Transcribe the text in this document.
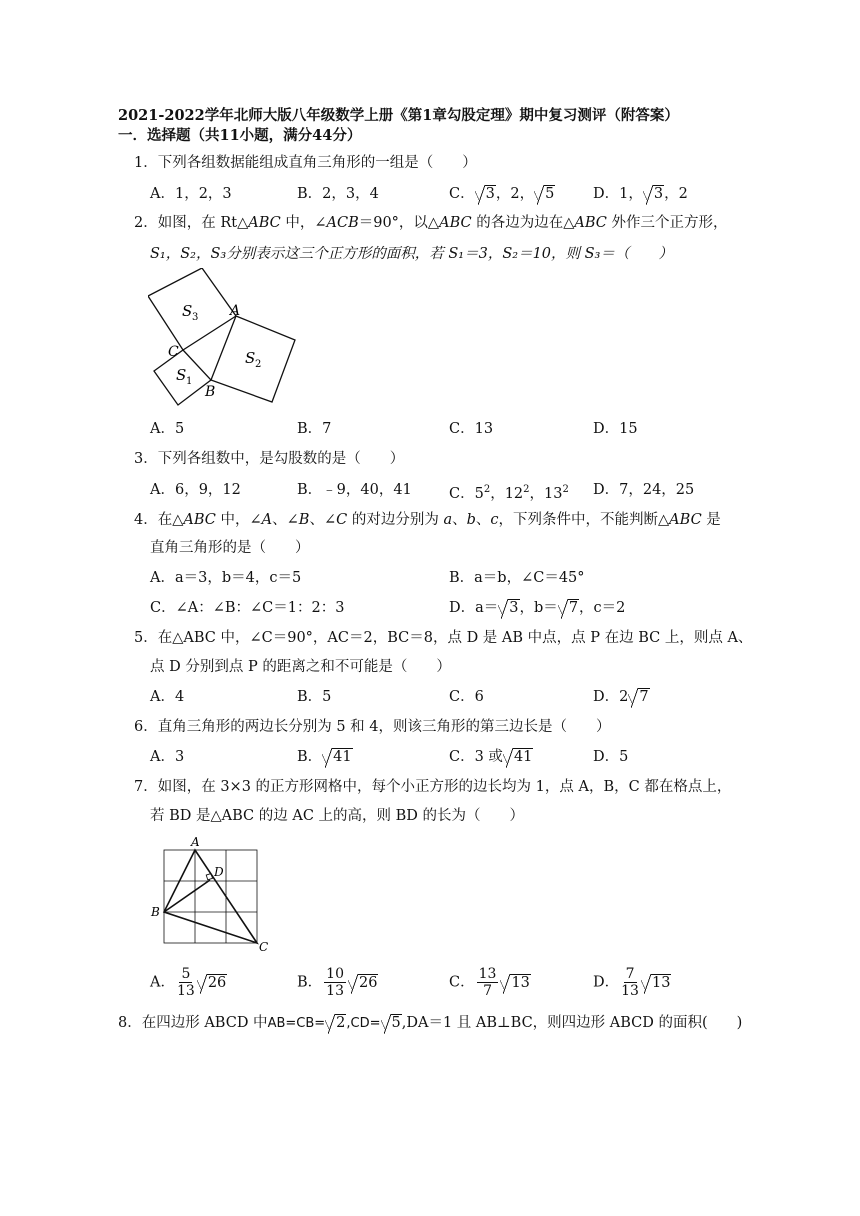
2021-2022学年北师大版八年级数学上册《第1章勾股定理》期中复习测评（附答案）
一．选择题（共11小题，满分44分）
1．下列各组数据能组成直角三角形的一组是（　　）
A．1，2，3	B．2，3，4	C． 3，2， 5	D．1， 3，2
2．如图，在 Rt△ABC 中，∠ACB＝90°，以△ABC 的各边为边在△ABC 外作三个正方形，
S₁，S₂，S₃分别表示这三个正方形的面积，若 S₁＝3，S₂＝10，则 S₃＝（　　）
S 3
S 2
S 1
A
B
C
A．5	B．7	C．13	D．15
3．下列各组数中，是勾股数的是（　　）
A．6，9，12	B．﹣9，40，41	C．$5^2$，$12^2$，$13^2$ D．7，24，25
4．在△ABC 中，∠A、∠B、∠C 的对边分别为 a、b、c，下列条件中，不能判断△ABC 是
直角三角形的是（　　）
A．a＝3，b＝4，c＝5	B．a＝b，∠C＝45°
C．∠A：∠B：∠C＝1：2：3	D．a＝ 3，b＝ 7，c＝2
5．在△ABC 中，∠C＝90°，AC＝2，BC＝8，点 D 是 AB 中点，点 P 在边 BC 上，则点 A、
点 D 分别到点 P 的距离之和不可能是（　　）
A．4	B．5	C．6	D．2 7
6．直角三角形的两边长分别为 5 和 4，则该三角形的第三边长是（　　）
A．3	B． 41	C．3 或 41	D．5
7．如图，在 3×3 的正方形网格中，每个小正方形的边长均为 1，点 A，B，C 都在格点上，
若 BD 是△ABC 的边 AC 上的高，则 BD 的长为（　　）
A
B
C
D
A． $\frac{5}{13} 26$	B． $\frac{10}{13} 26$	C． $\frac{13}{7} 13$	D． $\frac{7}{13} 13$
8．在四边形 ABCD 中AB=CB= 2,CD= 5,DA＝1 且 AB⊥BC，则四边形 ABCD 的面积(　　)
